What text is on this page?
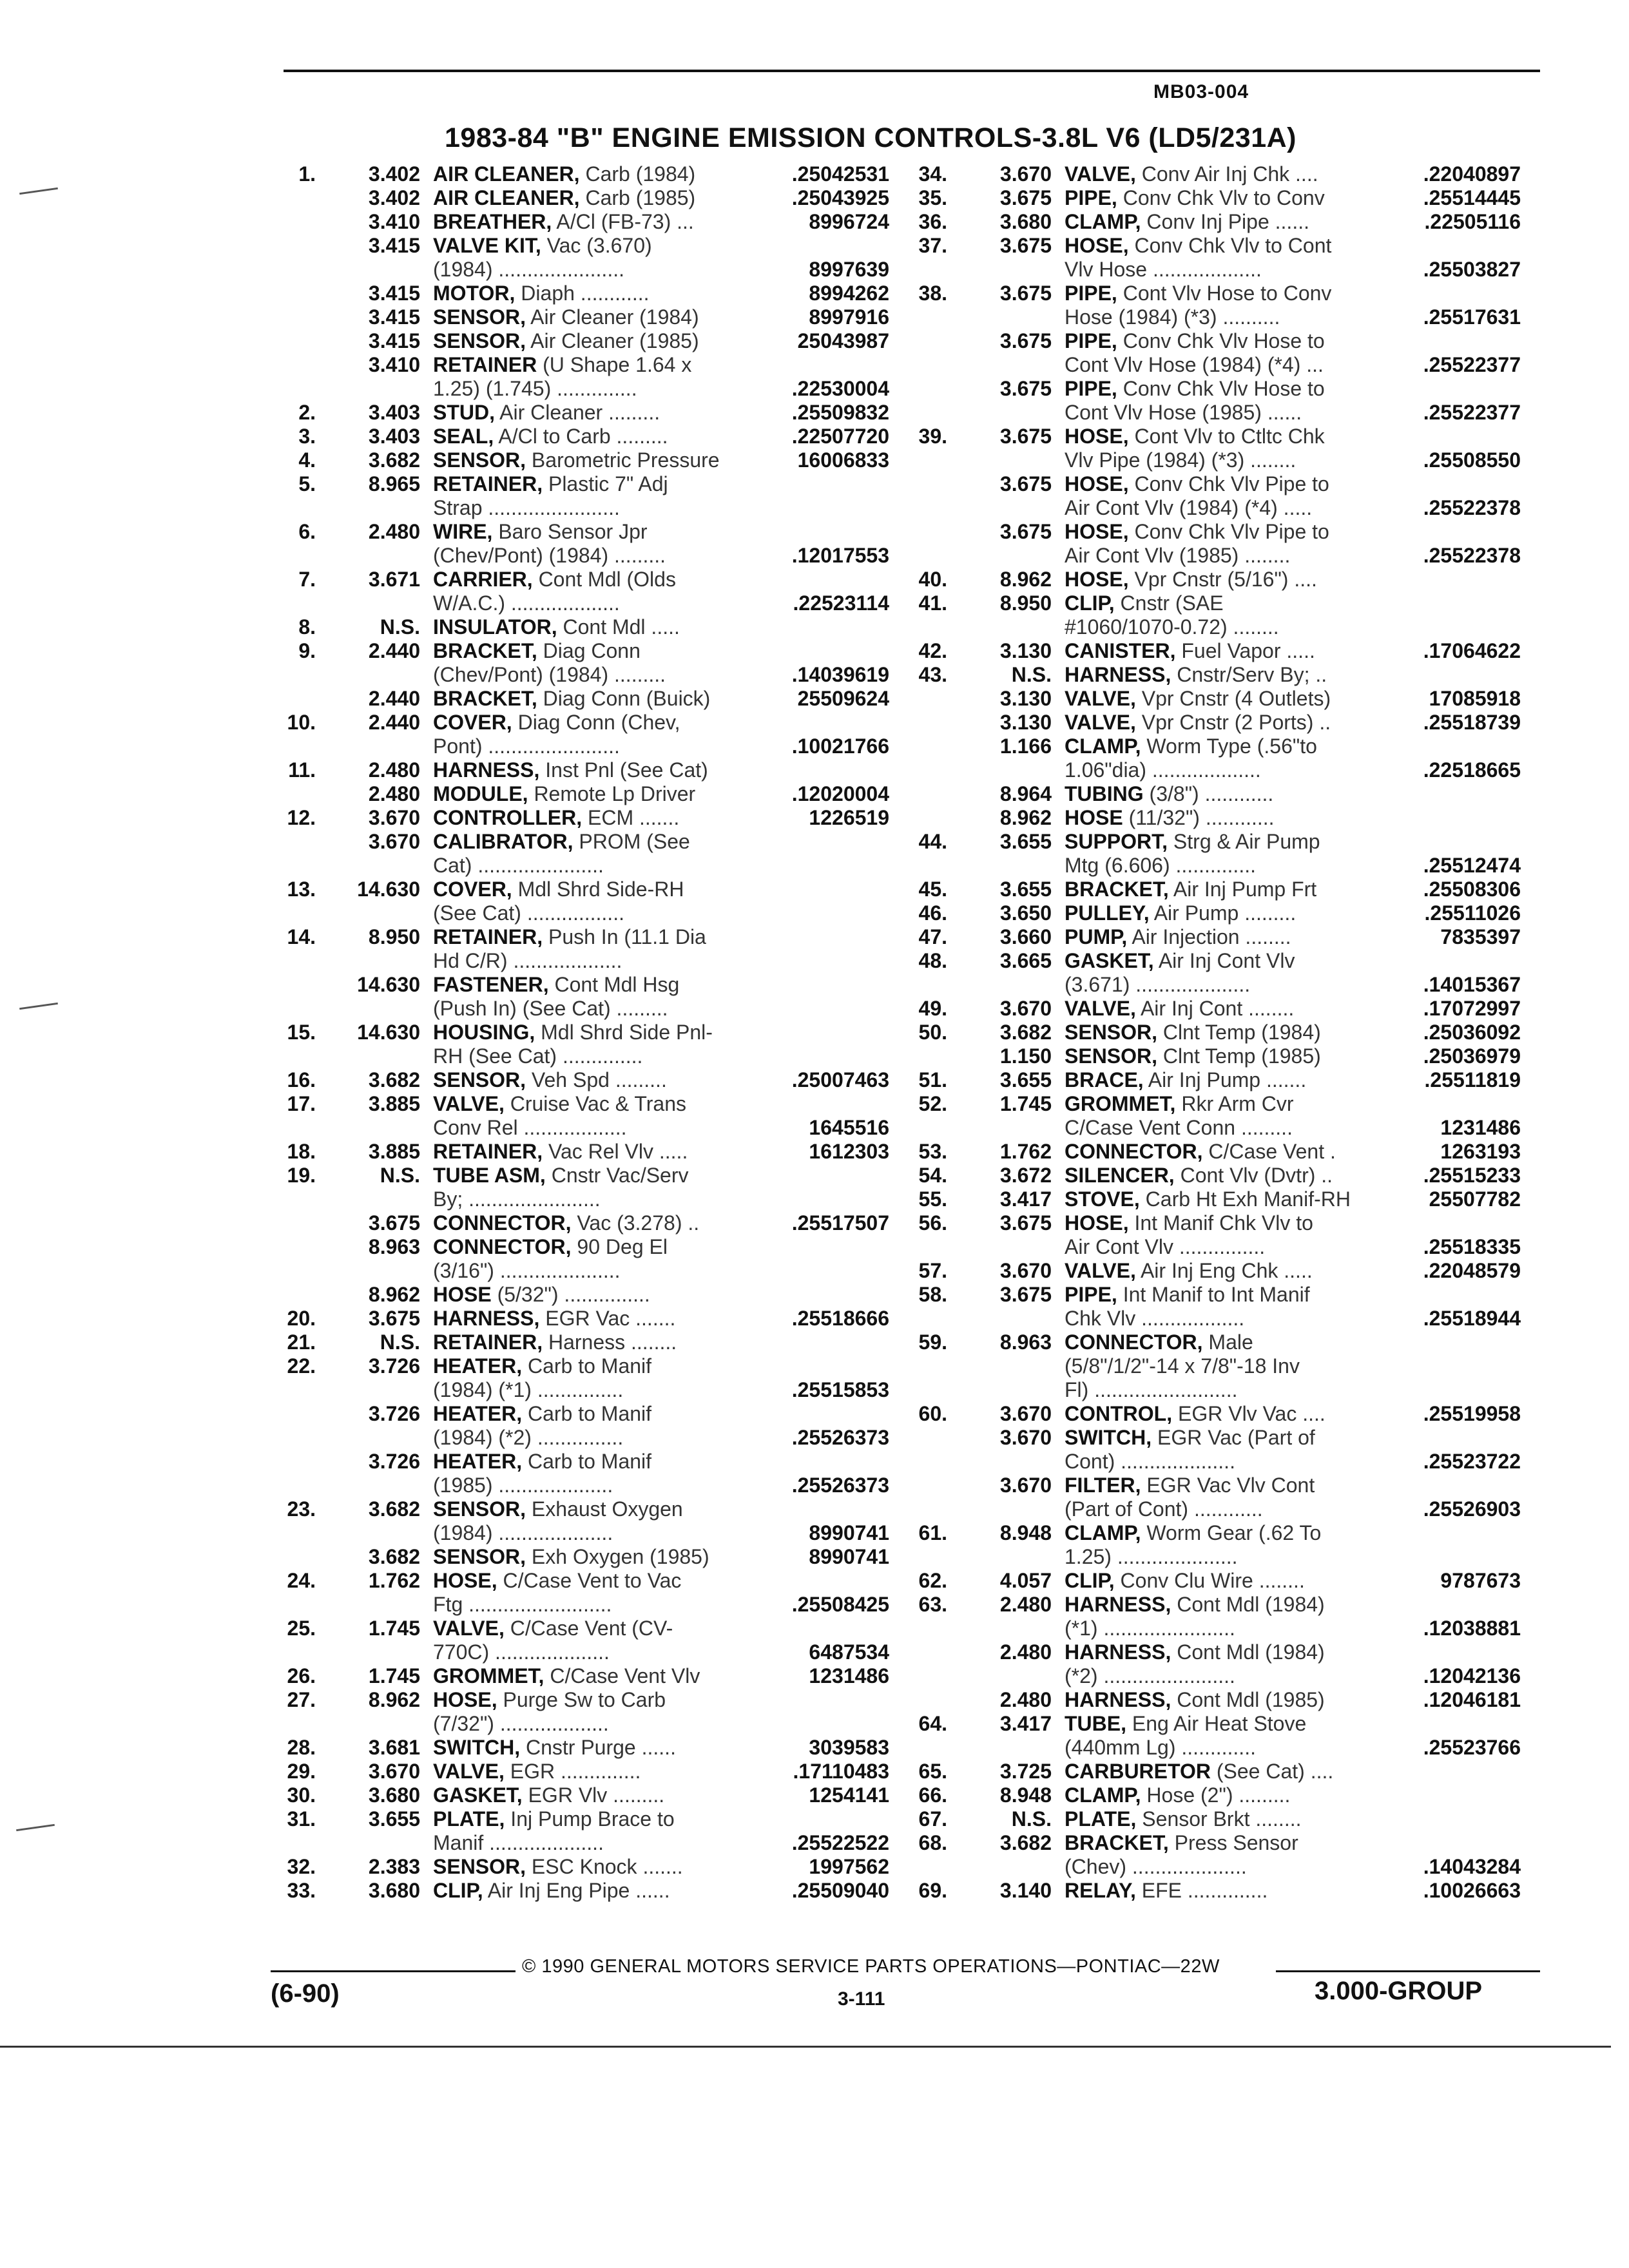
MB03-004
1983-84 "B" ENGINE EMISSION CONTROLS-3.8L V6 (LD5/231A)
1.	3.402 AIR CLEANER, Carb (1984)	.25042531
3.402 AIR CLEANER, Carb (1985)	.25043925
3.410 BREATHER, A/Cl (FB-73) ...	8996724
3.415 VALVE KIT, Vac (3.670)
(1984) ......................	8997639
3.415 MOTOR, Diaph ............	8994262
3.415 SENSOR, Air Cleaner (1984)	8997916
3.415 SENSOR, Air Cleaner (1985)	25043987
3.410 RETAINER (U Shape 1.64 x
1.25) (1.745) ..............	.22530004
2.	3.403 STUD, Air Cleaner .........	.25509832
3.	3.403 SEAL, A/Cl to Carb .........	.22507720
4.	3.682 SENSOR, Barometric Pressure	16006833
5.	8.965 RETAINER, Plastic 7" Adj
Strap .......................
6.	2.480 WIRE, Baro Sensor Jpr
(Chev/Pont) (1984) .........	.12017553
7.	3.671 CARRIER, Cont Mdl (Olds
W/A.C.) ...................	.22523114
8.	N.S. INSULATOR, Cont Mdl .....
9.	2.440 BRACKET, Diag Conn
(Chev/Pont) (1984) .........	.14039619
2.440 BRACKET, Diag Conn (Buick)	25509624
10.	2.440 COVER, Diag Conn (Chev,
Pont) .......................	.10021766
11.	2.480 HARNESS, Inst Pnl (See Cat)
2.480 MODULE, Remote Lp Driver	.12020004
12.	3.670 CONTROLLER, ECM .......	1226519
3.670 CALIBRATOR, PROM (See
Cat) ......................
13.	14.630 COVER, Mdl Shrd Side-RH
(See Cat) .................
14.	8.950 RETAINER, Push In (11.1 Dia
Hd C/R) ...................
14.630 FASTENER, Cont Mdl Hsg
(Push In) (See Cat) .........
15.	14.630 HOUSING, Mdl Shrd Side Pnl-
RH (See Cat) ..............
16.	3.682 SENSOR, Veh Spd .........	.25007463
17.	3.885 VALVE, Cruise Vac & Trans
Conv Rel ..................	1645516
18.	3.885 RETAINER, Vac Rel Vlv .....	1612303
19.	N.S. TUBE ASM, Cnstr Vac/Serv
By; .......................
3.675 CONNECTOR, Vac (3.278) ..	.25517507
8.963 CONNECTOR, 90 Deg El
(3/16") .....................
8.962 HOSE (5/32") ...............
20.	3.675 HARNESS, EGR Vac .......	.25518666
21.	N.S. RETAINER, Harness ........
22.	3.726 HEATER, Carb to Manif
(1984) (*1) ...............	.25515853
3.726 HEATER, Carb to Manif
(1984) (*2) ...............	.25526373
3.726 HEATER, Carb to Manif
(1985) ....................	.25526373
23.	3.682 SENSOR, Exhaust Oxygen
(1984) ....................	8990741
3.682 SENSOR, Exh Oxygen (1985)	8990741
24.	1.762 HOSE, C/Case Vent to Vac
Ftg .........................	.25508425
25.	1.745 VALVE, C/Case Vent (CV-
770C) ....................	6487534
26.	1.745 GROMMET, C/Case Vent Vlv	1231486
27.	8.962 HOSE, Purge Sw to Carb
(7/32") ...................
28.	3.681 SWITCH, Cnstr Purge ......	3039583
29.	3.670 VALVE, EGR ..............	.17110483
30.	3.680 GASKET, EGR Vlv .........	1254141
31.	3.655 PLATE, Inj Pump Brace to
Manif ....................	.25522522
32.	2.383 SENSOR, ESC Knock .......	1997562
33.	3.680 CLIP, Air Inj Eng Pipe ......	.25509040
34.	3.670 VALVE, Conv Air Inj Chk ....	.22040897
35.	3.675 PIPE, Conv Chk Vlv to Conv	.25514445
36.	3.680 CLAMP, Conv Inj Pipe ......	.22505116
37.	3.675 HOSE, Conv Chk Vlv to Cont
Vlv Hose ...................	.25503827
38.	3.675 PIPE, Cont Vlv Hose to Conv
Hose (1984) (*3) ..........	.25517631
3.675 PIPE, Conv Chk Vlv Hose to
Cont Vlv Hose (1984) (*4) ...	.25522377
3.675 PIPE, Conv Chk Vlv Hose to
Cont Vlv Hose (1985) ......	.25522377
39.	3.675 HOSE, Cont Vlv to Ctltc Chk
Vlv Pipe (1984) (*3) ........	.25508550
3.675 HOSE, Conv Chk Vlv Pipe to
Air Cont Vlv (1984) (*4) .....	.25522378
3.675 HOSE, Conv Chk Vlv Pipe to
Air Cont Vlv (1985) ........	.25522378
40.	8.962 HOSE, Vpr Cnstr (5/16") ....
41.	8.950 CLIP, Cnstr (SAE
#1060/1070-0.72) ........
42.	3.130 CANISTER, Fuel Vapor .....	.17064622
43.	N.S. HARNESS, Cnstr/Serv By; ..
3.130 VALVE, Vpr Cnstr (4 Outlets)	17085918
3.130 VALVE, Vpr Cnstr (2 Ports) ..	.25518739
1.166 CLAMP, Worm Type (.56"to
1.06"dia) ...................	.22518665
8.964 TUBING (3/8") ............
8.962 HOSE (11/32") ............
44.	3.655 SUPPORT, Strg & Air Pump
Mtg (6.606) ..............	.25512474
45.	3.655 BRACKET, Air Inj Pump Frt	.25508306
46.	3.650 PULLEY, Air Pump .........	.25511026
47.	3.660 PUMP, Air Injection ........	7835397
48.	3.665 GASKET, Air Inj Cont Vlv
(3.671) ....................	.14015367
49.	3.670 VALVE, Air Inj Cont ........	.17072997
50.	3.682 SENSOR, Clnt Temp (1984)	.25036092
1.150 SENSOR, Clnt Temp (1985)	.25036979
51.	3.655 BRACE, Air Inj Pump .......	.25511819
52.	1.745 GROMMET, Rkr Arm Cvr
C/Case Vent Conn .........	1231486
53.	1.762 CONNECTOR, C/Case Vent .	1263193
54.	3.672 SILENCER, Cont Vlv (Dvtr) ..	.25515233
55.	3.417 STOVE, Carb Ht Exh Manif-RH	25507782
56.	3.675 HOSE, Int Manif Chk Vlv to
Air Cont Vlv ...............	.25518335
57.	3.670 VALVE, Air Inj Eng Chk .....	.22048579
58.	3.675 PIPE, Int Manif to Int Manif
Chk Vlv ..................	.25518944
59.	8.963 CONNECTOR, Male
(5/8"/1/2"-14 x 7/8"-18 Inv
Fl) .........................
60.	3.670 CONTROL, EGR Vlv Vac ....	.25519958
3.670 SWITCH, EGR Vac (Part of
Cont) ....................	.25523722
3.670 FILTER, EGR Vac Vlv Cont
(Part of Cont) ............	.25526903
61.	8.948 CLAMP, Worm Gear (.62 To
1.25) .....................
62.	4.057 CLIP, Conv Clu Wire ........	9787673
63.	2.480 HARNESS, Cont Mdl (1984)
(*1) .......................	.12038881
2.480 HARNESS, Cont Mdl (1984)
(*2) .......................	.12042136
2.480 HARNESS, Cont Mdl (1985)	.12046181
64.	3.417 TUBE, Eng Air Heat Stove
(440mm Lg) .............	.25523766
65.	3.725 CARBURETOR (See Cat) ....
66.	8.948 CLAMP, Hose (2") .........
67.	N.S. PLATE, Sensor Brkt ........
68.	3.682 BRACKET, Press Sensor
(Chev) ....................	.14043284
69.	3.140 RELAY, EFE ..............	.10026663
© 1990 GENERAL MOTORS SERVICE PARTS OPERATIONS—PONTIAC—22W
(6-90)	3-111	3.000-GROUP
